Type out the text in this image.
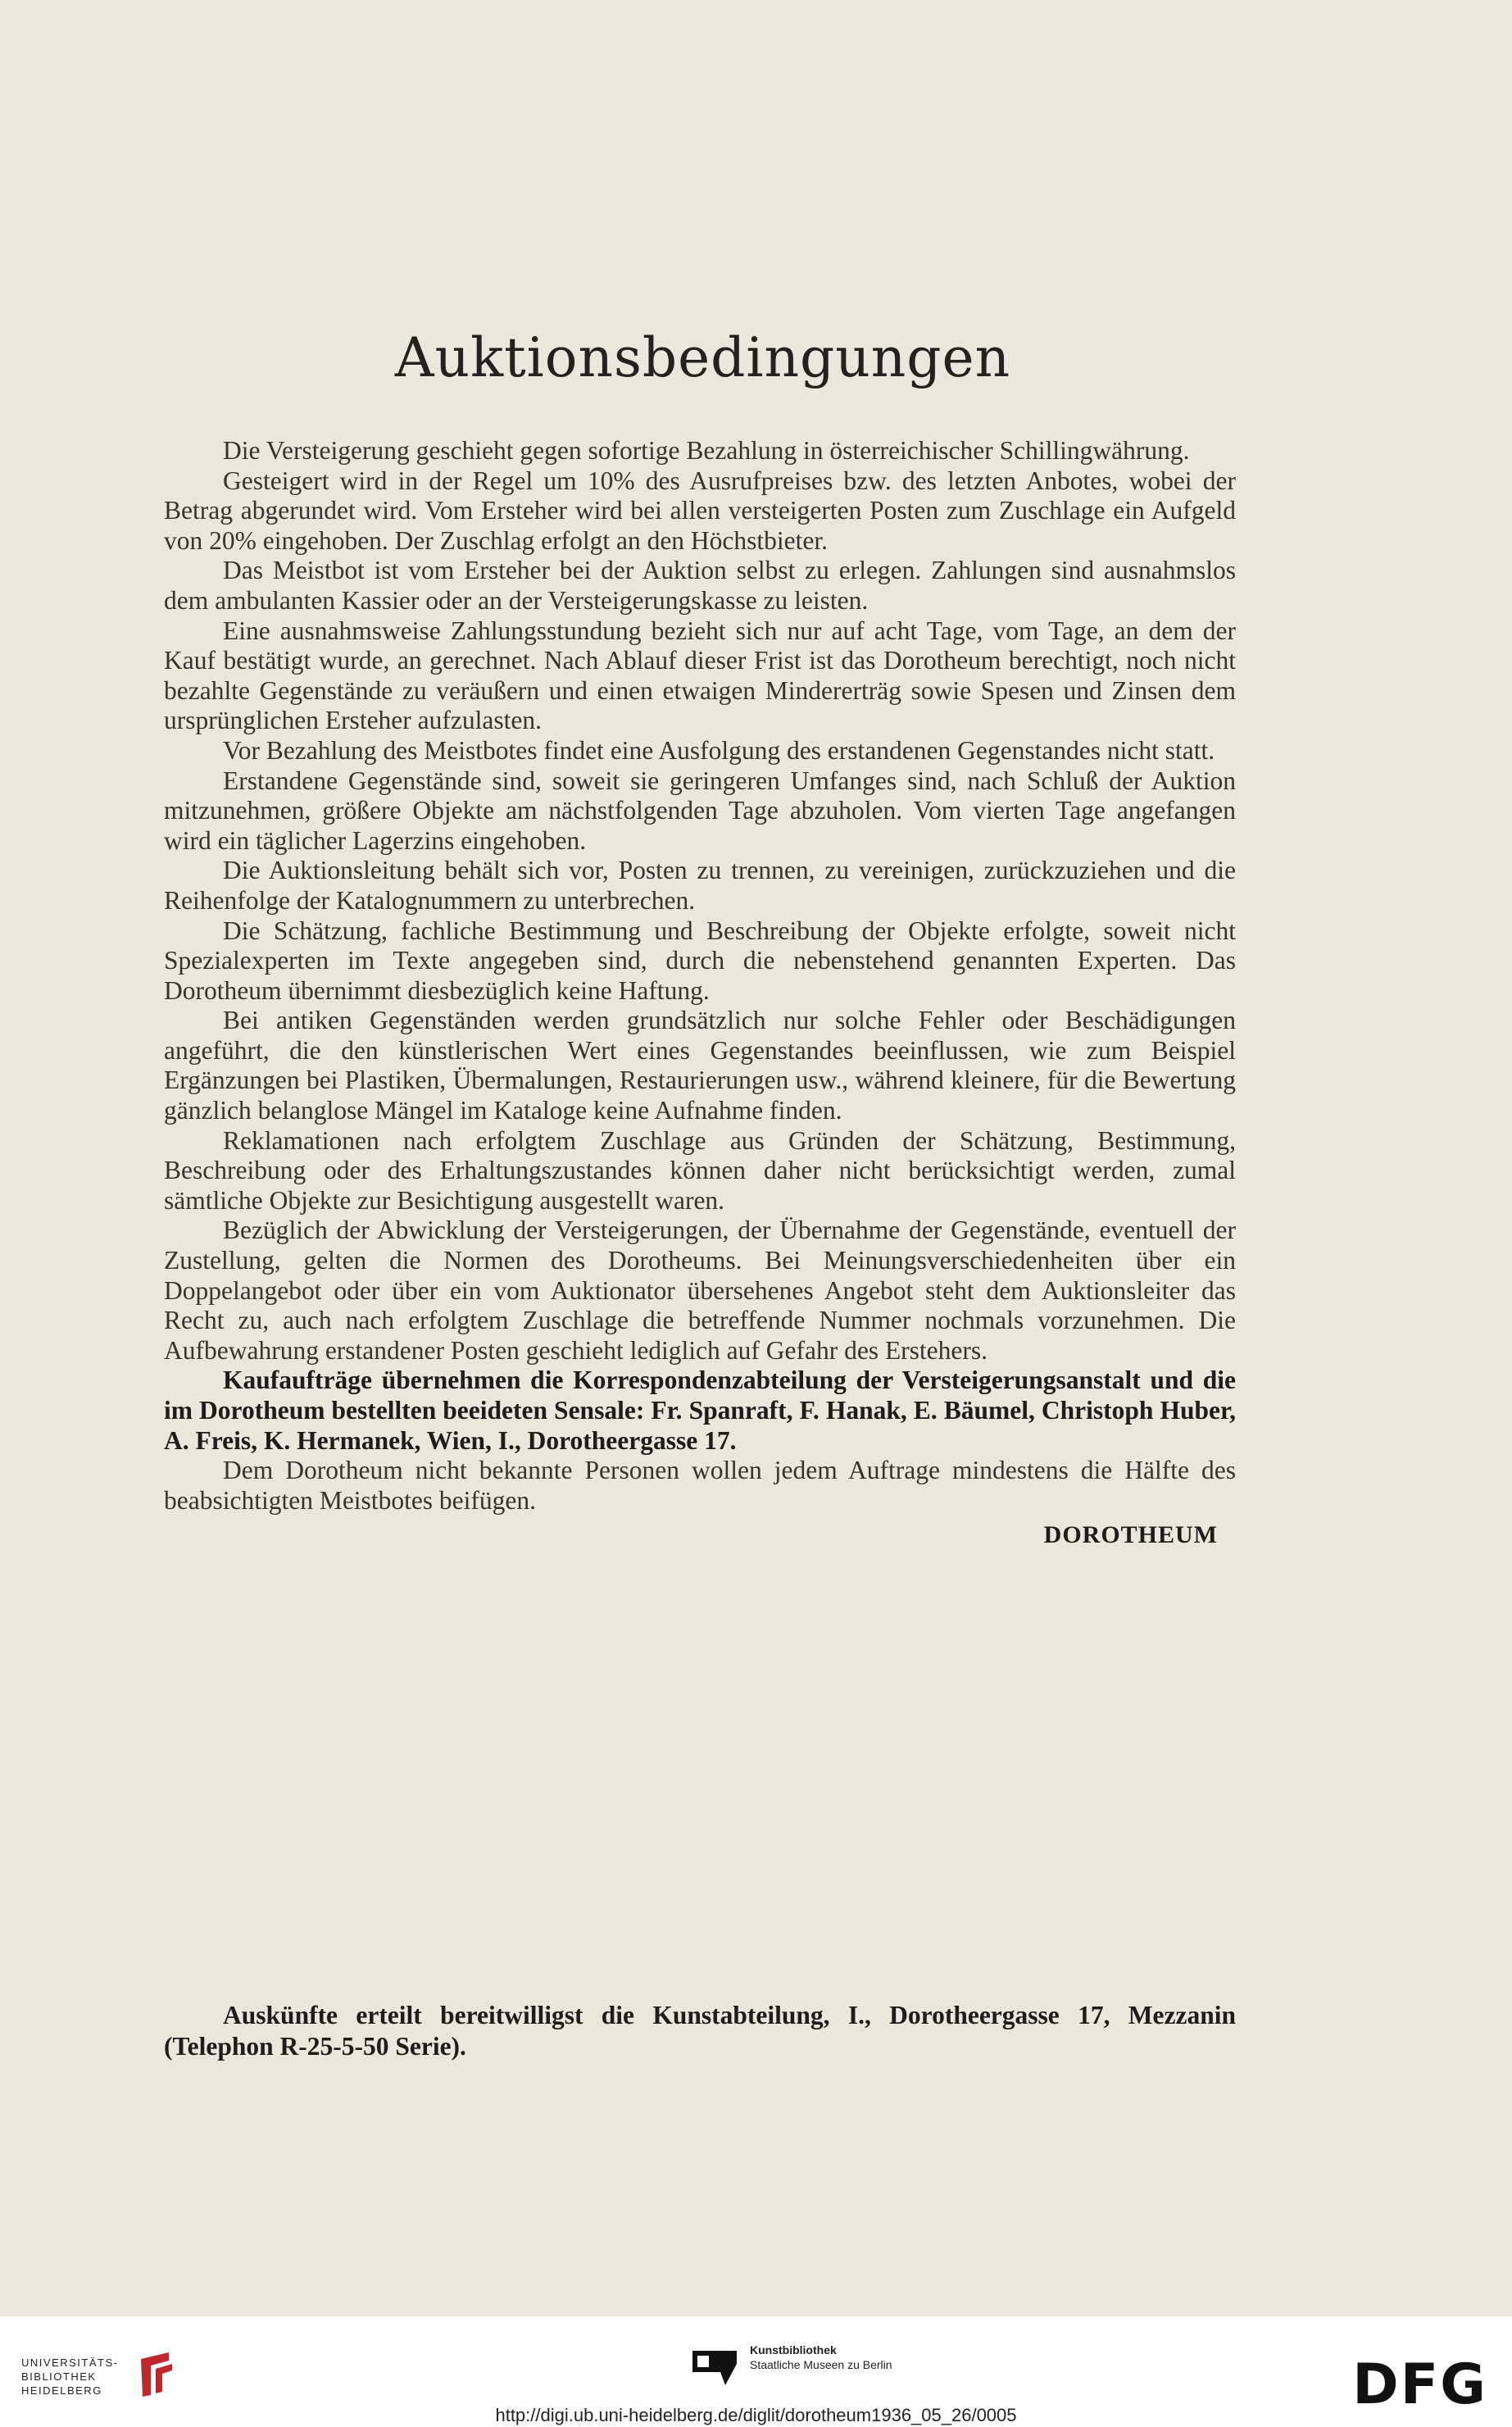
Auktionsbedingungen

Die Versteigerung geschieht gegen sofortige Bezahlung in österreichischer Schillingwährung.

Gesteigert wird in der Regel um 10% des Ausrufpreises bzw. des letzten Anbotes, wobei der Betrag abgerundet wird. Vom Ersteher wird bei allen versteigerten Posten zum Zuschlage ein Aufgeld von 20% eingehoben. Der Zuschlag erfolgt an den Höchstbieter.

Das Meistbot ist vom Ersteher bei der Auktion selbst zu erlegen. Zahlungen sind ausnahmslos dem ambulanten Kassier oder an der Versteigerungskasse zu leisten.

Eine ausnahmsweise Zahlungsstundung bezieht sich nur auf acht Tage, vom Tage, an dem der Kauf bestätigt wurde, an gerechnet. Nach Ablauf dieser Frist ist das Dorotheum berechtigt, noch nicht bezahlte Gegenstände zu veräußern und einen etwaigen Mindererträg sowie Spesen und Zinsen dem ursprünglichen Ersteher aufzulasten.

Vor Bezahlung des Meistbotes findet eine Ausfolgung des erstandenen Gegenstandes nicht statt.

Erstandene Gegenstände sind, soweit sie geringeren Umfanges sind, nach Schluß der Auktion mitzunehmen, größere Objekte am nächstfolgenden Tage abzuholen. Vom vierten Tage angefangen wird ein täglicher Lagerzins eingehoben.

Die Auktionsleitung behält sich vor, Posten zu trennen, zu vereinigen, zurückzuziehen und die Reihenfolge der Katalognummern zu unterbrechen.

Die Schätzung, fachliche Bestimmung und Beschreibung der Objekte erfolgte, soweit nicht Spezialexperten im Texte angegeben sind, durch die nebenstehend genannten Experten. Das Dorotheum übernimmt diesbezüglich keine Haftung.

Bei antiken Gegenständen werden grundsätzlich nur solche Fehler oder Beschädigungen angeführt, die den künstlerischen Wert eines Gegenstandes beeinflussen, wie zum Beispiel Ergänzungen bei Plastiken, Übermalungen, Restaurierungen usw., während kleinere, für die Bewertung gänzlich belanglose Mängel im Kataloge keine Aufnahme finden.

Reklamationen nach erfolgtem Zuschlage aus Gründen der Schätzung, Bestimmung, Beschreibung oder des Erhaltungszustandes können daher nicht berücksichtigt werden, zumal sämtliche Objekte zur Besichtigung ausgestellt waren.

Bezüglich der Abwicklung der Versteigerungen, der Übernahme der Gegenstände, eventuell der Zustellung, gelten die Normen des Dorotheums. Bei Meinungsverschiedenheiten über ein Doppelangebot oder über ein vom Auktionator übersehenes Angebot steht dem Auktionsleiter das Recht zu, auch nach erfolgtem Zuschlage die betreffende Nummer nochmals vorzunehmen. Die Aufbewahrung erstandener Posten geschieht lediglich auf Gefahr des Erstehers.

Kaufaufträge übernehmen die Korrespondenzabteilung der Versteigerungsanstalt und die im Dorotheum bestellten beeideten Sensale: Fr. Spanraft, F. Hanak, E. Bäumel, Christoph Huber, A. Freis, K. Hermanek, Wien, I., Dorotheergasse 17.

Dem Dorotheum nicht bekannte Personen wollen jedem Auftrage mindestens die Hälfte des beabsichtigten Meistbotes beifügen.

DOROTHEUM

Auskünfte erteilt bereitwilligst die Kunstabteilung, I., Dorotheergasse 17, Mezzanin (Telephon R-25-5-50 Serie).

UNIVERSITÄTS-
BIBLIOTHEK
HEIDELBERG
Kunstbibliothek
Staatliche Museen zu Berlin	DFG
http://digi.ub.uni-heidelberg.de/diglit/dorotheum1936_05_26/0005
